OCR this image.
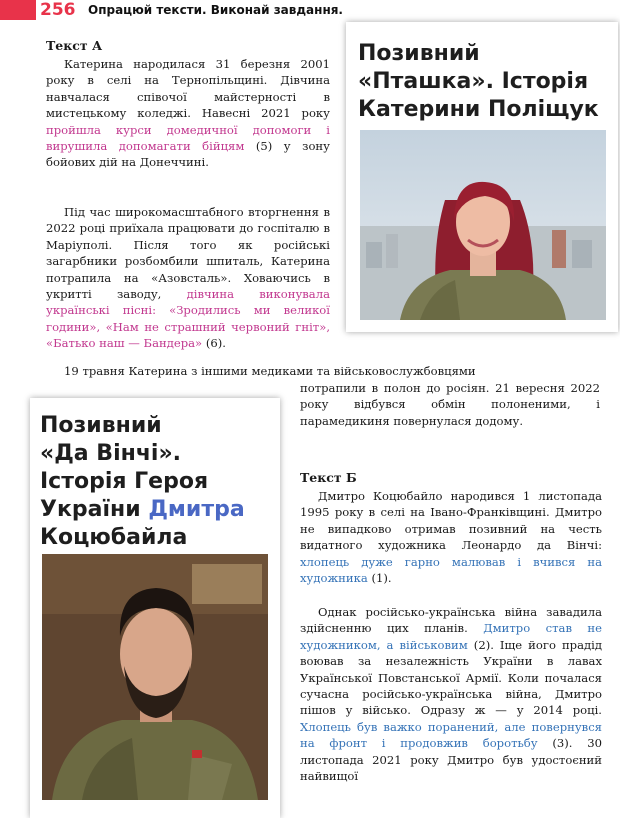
256 Опрацюй тексти. Виконай завдання.
Текст А
Катерина народилася 31 березня 2001 року в селі на Тернопільщині. Дівчина навчалася співочої майстерності в мистецькому коледжі. Навесні 2021 року пройшла курси домедичної допомоги і вирушила допомагати бійцям (5) у зону бойових дій на Донеччині.
Під час широкомасштабного вторгнення в 2022 році приїхала працювати до госпіталю в Маріуполі. Після того як російські загарбники розбомбили шпиталь, Катерина потрапила на «Азовсталь». Ховаючись в укритті заводу, дівчина виконувала українські пісні: «Зродились ми великої години», «Нам не страшний червоний гніт», «Батько наш — Бандера» (6).
19 травня Катерина з іншими медиками та військовослужбовцями
потрапили в полон до росіян. 21 вересня 2022 року відбувся обмін полоненими, і парамедикиня повернулася додому.
Позивний
«Пташка». Історія
Катерини Поліщук
Позивний
«Да Вінчі».
Історія Героя
України Дмитра
Коцюбайла
Текст Б
Дмитро Коцюбайло народився 1 листопада 1995 року в селі на Івано-Франківщині. Дмитро не випадково отримав позивний на честь видатного художника Леонардо да Вінчі: хлопець дуже гарно малював і вчився на художника (1).
Однак російсько-українська війна завадила здійсненню цих планів. Дмитро став не художником, а військовим (2). Іще його прадід воював за незалежність України в лавах Української Повстанської Армії. Коли почалася сучасна російсько-українська війна, Дмитро пішов у військо. Одразу ж — у 2014 році. Хлопець був важко поранений, але повернувся на фронт і продовжив боротьбу (3). 30 листопада 2021 року Дмитро був удостоєний найвищої
